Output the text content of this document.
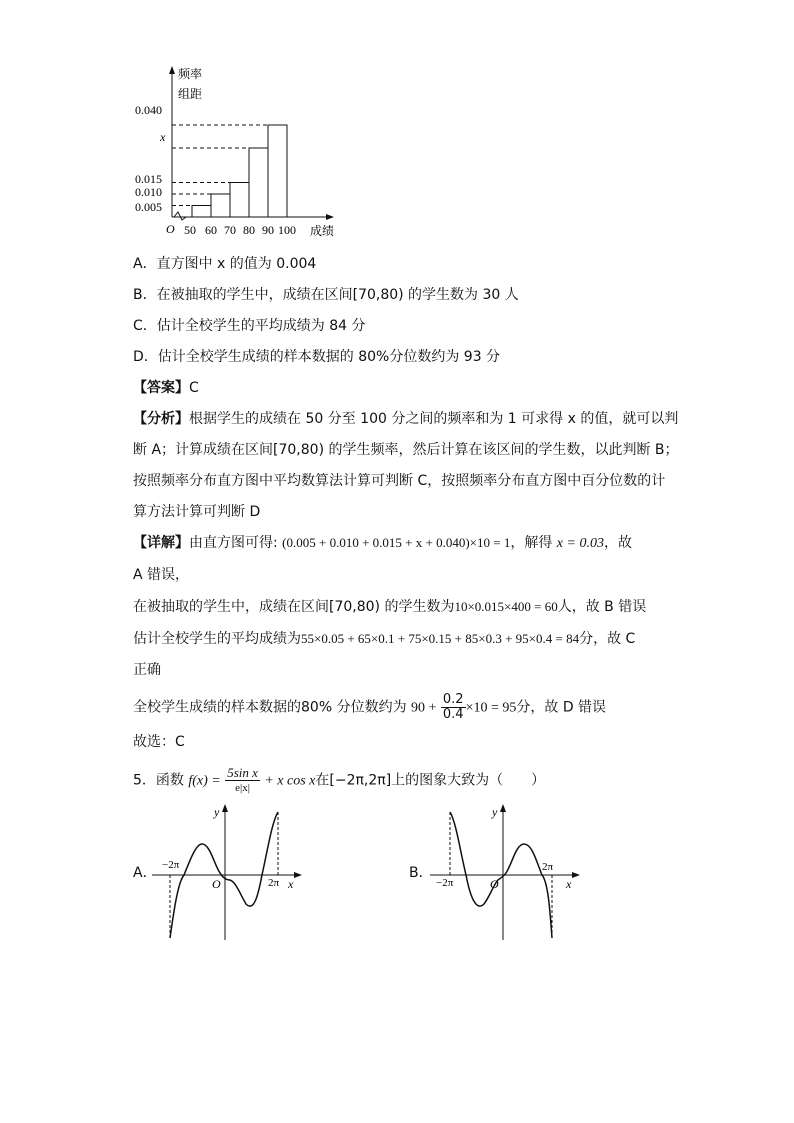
频率
组距
0.040
x
0.015
0.010
0.005
O 50 60 70 80 90 100 成绩
A．直方图中 x 的值为 0.004
B．在被抽取的学生中，成绩在区间[70,80) 的学生数为 30 人
C．估计全校学生的平均成绩为 84 分
D．估计全校学生成绩的样本数据的 80%分位数约为 93 分
【答案】C
【分析】根据学生的成绩在 50 分至 100 分之间的频率和为 1 可求得 x 的值，就可以判
断 A；计算成绩在区间[70,80) 的学生频率，然后计算在该区间的学生数，以此判断 B；
按照频率分布直方图中平均数算法计算可判断 C，按照频率分布直方图中百分位数的计
算方法计算可判断 D
【详解】由直方图可得: (0.005 + 0.010 + 0.015 + x + 0.040)×10 = 1，解得 x = 0.03，故
A 错误，
在被抽取的学生中，成绩在区间[70,80) 的学生数为10×0.015×400 = 60人，故 B 错误
估计全校学生的平均成绩为55×0.05 + 65×0.1 + 75×0.15 + 85×0.3 + 95×0.4 = 84分，故 C
正确
全校学生成绩的样本数据的80% 分位数约为 $90 + \frac{0.2}{0.4} \times 10 = 95$分，故 D 错误
故选：C
5．函数 $f(x) = \frac{\text{5sin x}}{e|x|} + x$ cos x在[−2π,2π]上的图象大致为（　　）
A．
y
x
O
−2π
2π
B．
y
x
O
−2π
2π
